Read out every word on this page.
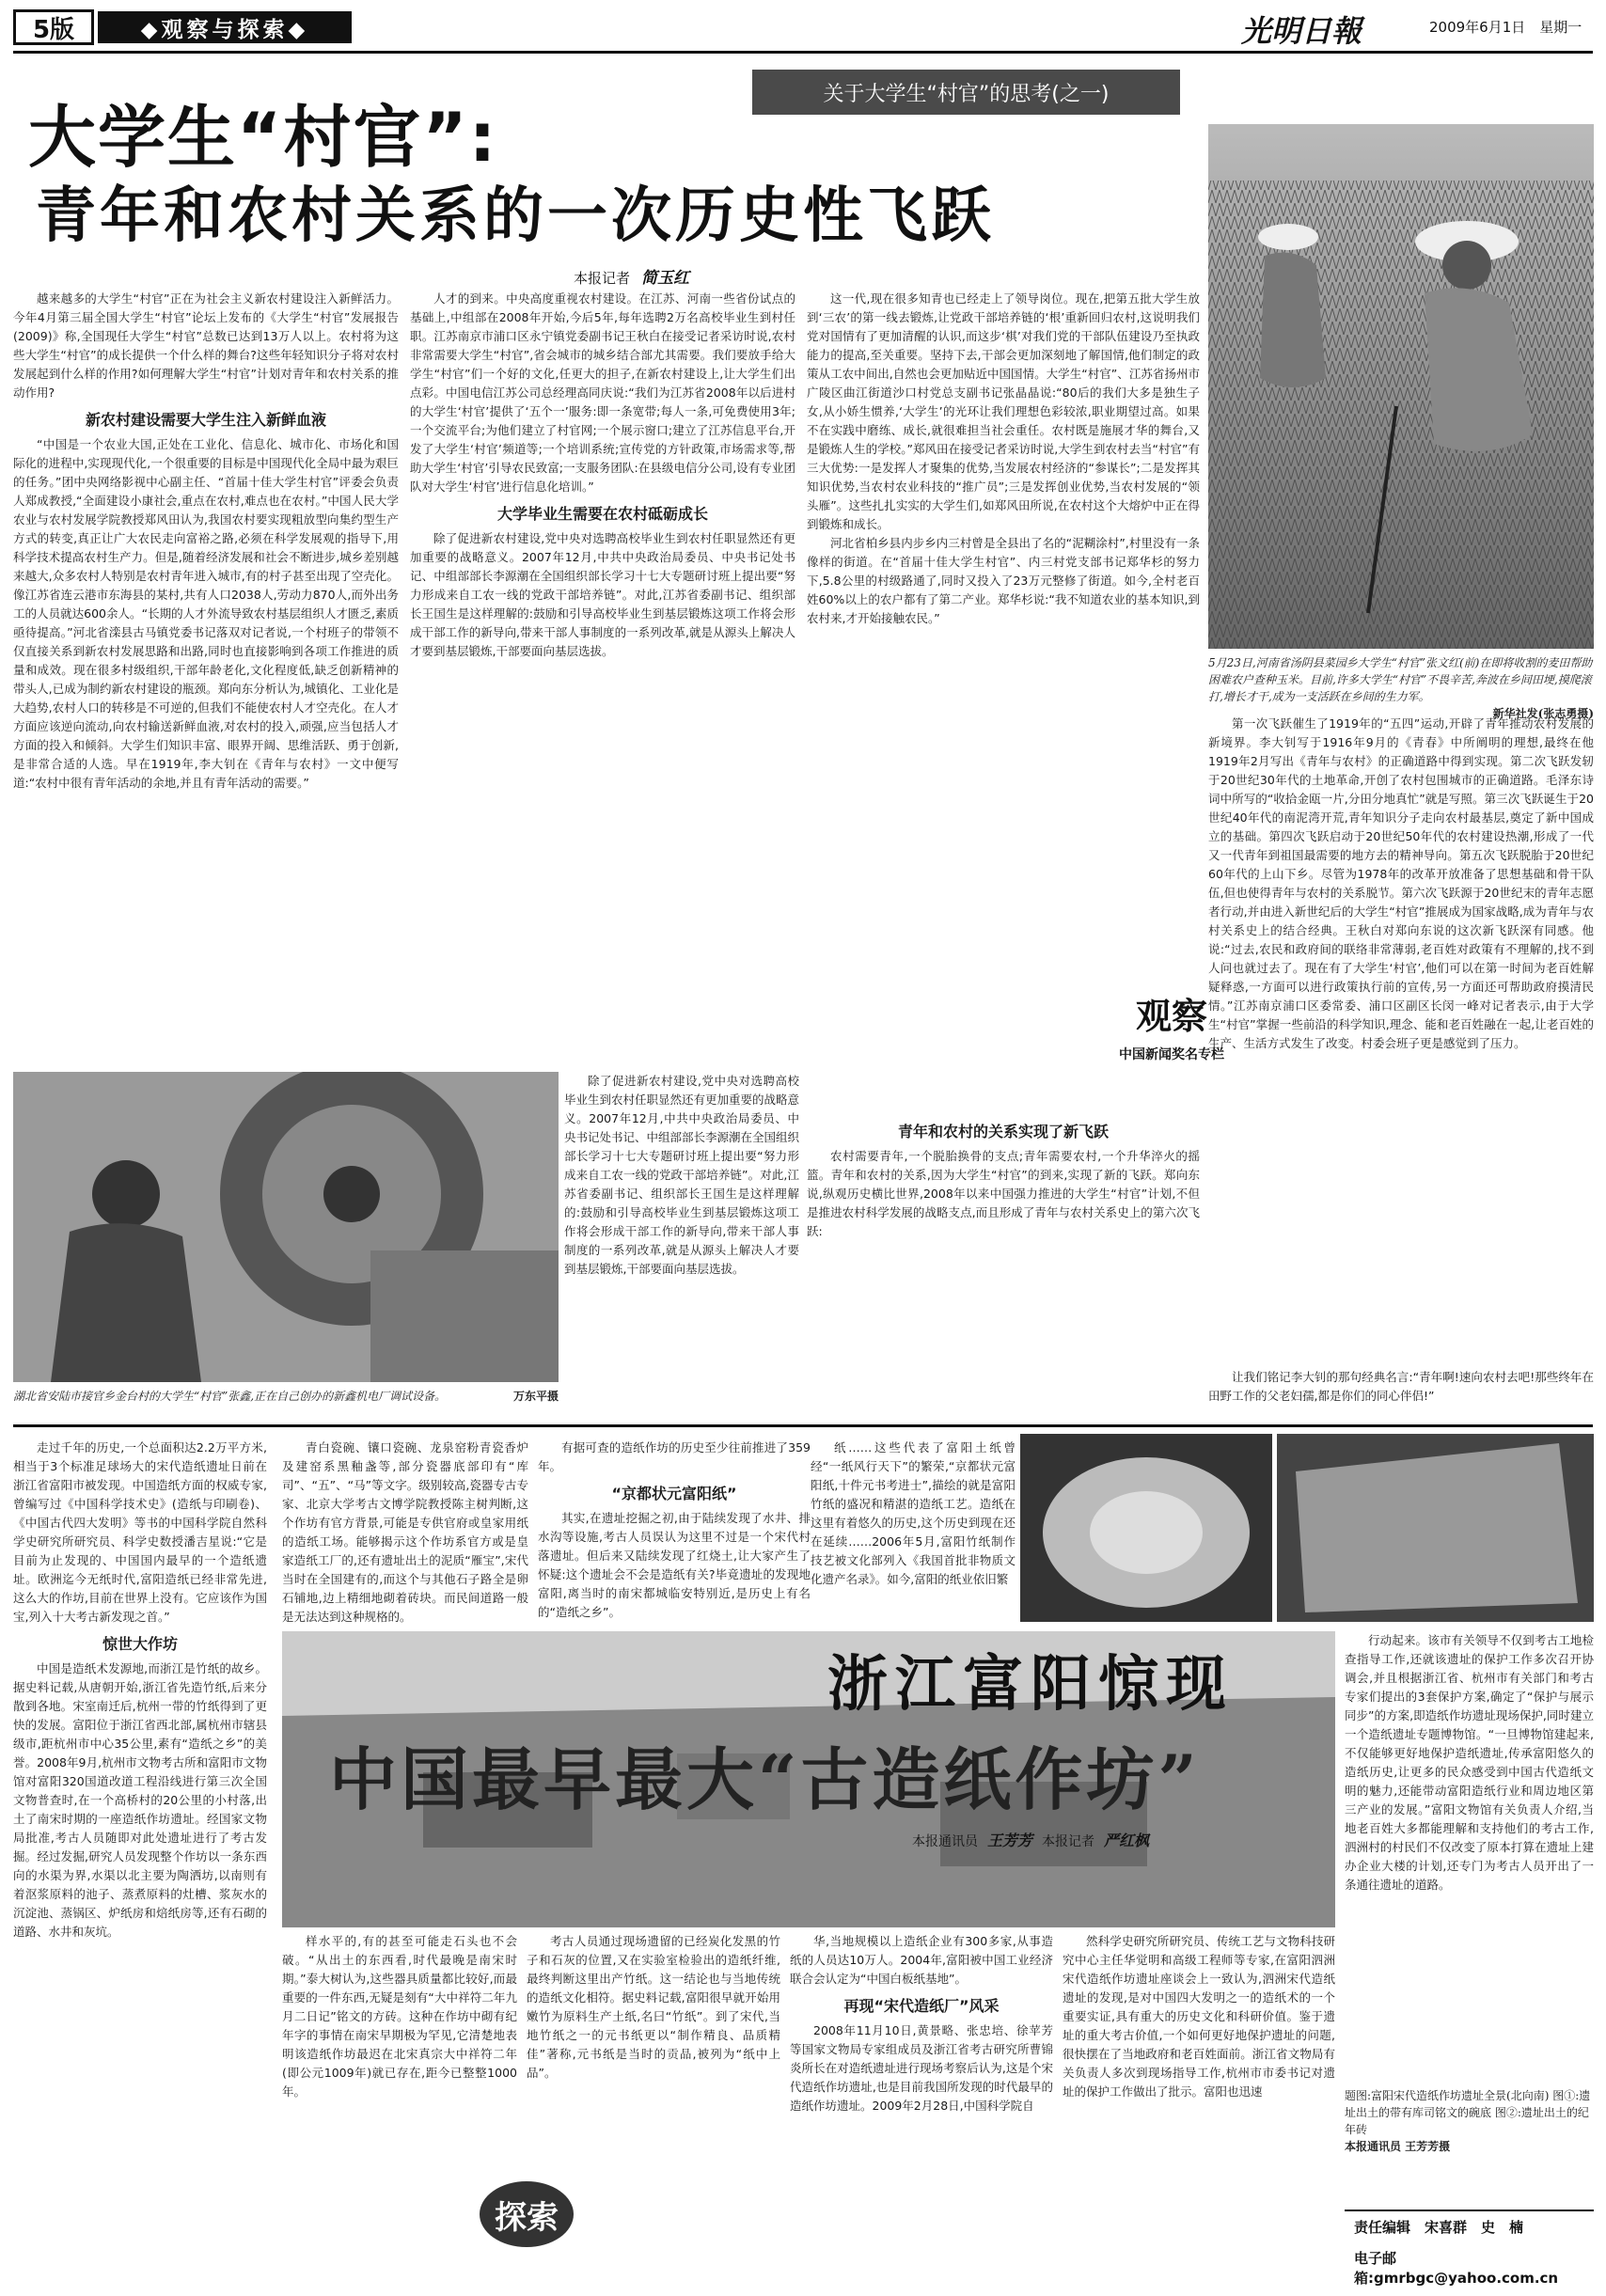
5版	◆观察与探索◆	光明日報	2009年6月1日　星期一
关于大学生“村官”的思考(之一)
大学生“村官”:
青年和农村关系的一次历史性飞跃
本报记者 简玉红
5月23日,河南省汤阴县菜园乡大学生“村官”张文红(前)在即将收割的麦田帮助困难农户查种玉米。目前,许多大学生“村官”不畏辛苦,奔波在乡间田埂,摸爬滚打,增长才干,成为一支活跃在乡间的生力军。

新华社发(张志勇摄)

越来越多的大学生“村官”正在为社会主义新农村建设注入新鲜活力。今年4月第三届全国大学生“村官”论坛上发布的《大学生“村官”发展报告(2009)》称,全国现任大学生“村官”总数已达到13万人以上。农村将为这些大学生“村官”的成长提供一个什么样的舞台?这些年轻知识分子将对农村发展起到什么样的作用?如何理解大学生“村官”计划对青年和农村关系的推动作用?

新农村建设需要大学生注入新鲜血液

“中国是一个农业大国,正处在工业化、信息化、城市化、市场化和国际化的进程中,实现现代化,一个很重要的目标是中国现代化全局中最为艰巨的任务。”团中央网络影视中心副主任、“首届十佳大学生村官”评委会负责人郑成教授,“全面建设小康社会,重点在农村,难点也在农村。”中国人民大学农业与农村发展学院教授郑风田认为,我国农村要实现粗放型向集约型生产方式的转变,真正让广大农民走向富裕之路,必须在科学发展观的指导下,用科学技术提高农村生产力。但是,随着经济发展和社会不断进步,城乡差别越来越大,众多农村人特别是农村青年进入城市,有的村子甚至出现了空壳化。像江苏省连云港市东海县的某村,共有人口2038人,劳动力870人,而外出务工的人员就达600余人。“长期的人才外流导致农村基层组织人才匮乏,素质亟待提高。”河北省滦县古马镇党委书记落双对记者说,一个村班子的带领不仅直接关系到新农村发展思路和出路,同时也直接影响到各项工作推进的质量和成效。现在很多村级组织,干部年龄老化,文化程度低,缺乏创新精神的带头人,已成为制约新农村建设的瓶颈。郑向东分析认为,城镇化、工业化是大趋势,农村人口的转移是不可逆的,但我们不能使农村人才空壳化。在人才方面应该逆向流动,向农村输送新鲜血液,对农村的投入,顽强,应当包括人才方面的投入和倾斜。大学生们知识丰富、眼界开阔、思维活跃、勇于创新,是非常合适的人选。早在1919年,李大钊在《青年与农村》一文中便写道:“农村中很有青年活动的余地,并且有青年活动的需要。”

人才的到来。中央高度重视农村建设。在江苏、河南一些省份试点的基础上,中组部在2008年开始,今后5年,每年选聘2万名高校毕业生到村任职。江苏南京市浦口区永宁镇党委副书记王秋白在接受记者采访时说,农村非常需要大学生“村官”,省会城市的城乡结合部尤其需要。我们要放手给大学生“村官”们一个好的文化,任更大的担子,在新农村建设上,让大学生们出点彩。中国电信江苏公司总经理高同庆说:“我们为江苏省2008年以后进村的大学生‘村官’提供了‘五个一’服务:即一条宽带;每人一条,可免费使用3年;一个交流平台;为他们建立了村官网;一个展示窗口;建立了江苏信息平台,开发了大学生‘村官’频道等;一个培训系统;宣传党的方针政策,市场需求等,帮助大学生‘村官’引导农民致富;一支服务团队:在县级电信分公司,设有专业团队对大学生‘村官’进行信息化培训。”

大学毕业生需要在农村砥砺成长

除了促进新农村建设,党中央对选聘高校毕业生到农村任职显然还有更加重要的战略意义。2007年12月,中共中央政治局委员、中央书记处书记、中组部部长李源潮在全国组织部长学习十七大专题研讨班上提出要“努力形成来自工农一线的党政干部培养链”。对此,江苏省委副书记、组织部长王国生是这样理解的:鼓励和引导高校毕业生到基层锻炼这项工作将会形成干部工作的新导向,带来干部人事制度的一系列改革,就是从源头上解决人才要到基层锻炼,干部要面向基层选拔。

这一代,现在很多知青也已经走上了领导岗位。现在,把第五批大学生放到‘三农’的第一线去锻炼,让党政干部培养链的‘根’重新回归农村,这说明我们党对国情有了更加清醒的认识,而这步‘棋’对我们党的干部队伍建设乃至执政能力的提高,至关重要。坚持下去,干部会更加深刻地了解国情,他们制定的政策从工农中间出,自然也会更加贴近中国国情。大学生“村官”、江苏省扬州市广陵区曲江街道沙口村党总支副书记张晶晶说:“80后的我们大多是独生子女,从小娇生惯养,‘大学生’的光环让我们理想色彩较浓,职业期望过高。如果不在实践中磨练、成长,就很难担当社会重任。农村既是施展才华的舞台,又是锻炼人生的学校。”郑风田在接受记者采访时说,大学生到农村去当“村官”有三大优势:一是发挥人才聚集的优势,当发展农村经济的“参谋长”;二是发挥其知识优势,当农村农业科技的“推广员”;三是发挥创业优势,当农村发展的“领头雁”。这些扎扎实实的大学生们,如郑风田所说,在农村这个大熔炉中正在得到锻炼和成长。

河北省柏乡县内步乡内三村曾是全县出了名的“泥糊涂村”,村里没有一条像样的街道。在“首届十佳大学生村官”、内三村党支部书记郑华杉的努力下,5.8公里的村级路通了,同时又投入了23万元整修了街道。如今,全村老百姓60%以上的农户都有了第二产业。郑华杉说:“我不知道农业的基本知识,到农村来,才开始接触农民。”

湖北省安陆市接官乡金台村的大学生“村官”张鑫,正在自己创办的新鑫机电厂调试设备。	万东平摄

除了促进新农村建设,党中央对选聘高校毕业生到农村任职显然还有更加重要的战略意义。2007年12月,中共中央政治局委员、中央书记处书记、中组部部长李源潮在全国组织部长学习十七大专题研讨班上提出要“努力形成来自工农一线的党政干部培养链”。对此,江苏省委副书记、组织部长王国生是这样理解的:鼓励和引导高校毕业生到基层锻炼这项工作将会形成干部工作的新导向,带来干部人事制度的一系列改革,就是从源头上解决人才要到基层锻炼,干部要面向基层选拔。

青年和农村的关系实现了新飞跃

农村需要青年,一个脱胎换骨的支点;青年需要农村,一个升华淬火的摇篮。青年和农村的关系,因为大学生“村官”的到来,实现了新的飞跃。郑向东说,纵观历史横比世界,2008年以来中国强力推进的大学生“村官”计划,不但是推进农村科学发展的战略支点,而且形成了青年与农村关系史上的第六次飞跃:

观察
中国新闻奖名专栏

第一次飞跃催生了1919年的“五四”运动,开辟了青年推动农村发展的新境界。李大钊写于1916年9月的《青春》中所阐明的理想,最终在他1919年2月写出《青年与农村》的正确道路中得到实现。第二次飞跃发轫于20世纪30年代的土地革命,开创了农村包围城市的正确道路。毛泽东诗词中所写的“收拾金瓯一片,分田分地真忙”就是写照。第三次飞跃诞生于20世纪40年代的南泥湾开荒,青年知识分子走向农村最基层,奠定了新中国成立的基础。第四次飞跃启动于20世纪50年代的农村建设热潮,形成了一代又一代青年到祖国最需要的地方去的精神导向。第五次飞跃脱胎于20世纪60年代的上山下乡。尽管为1978年的改革开放准备了思想基础和骨干队伍,但也使得青年与农村的关系脱节。第六次飞跃源于20世纪末的青年志愿者行动,并由进入新世纪后的大学生“村官”推展成为国家战略,成为青年与农村关系史上的结合经典。王秋白对郑向东说的这次新飞跃深有同感。他说:“过去,农民和政府间的联络非常薄弱,老百姓对政策有不理解的,找不到人问也就过去了。现在有了大学生‘村官’,他们可以在第一时间为老百姓解疑释惑,一方面可以进行政策执行前的宣传,另一方面还可帮助政府摸清民情。”江苏南京浦口区委常委、浦口区副区长闵一峰对记者表示,由于大学生“村官”掌握一些前沿的科学知识,理念、能和老百姓融在一起,让老百姓的生产、生活方式发生了改变。村委会班子更是感觉到了压力。

让我们铭记李大钊的那句经典名言:“青年啊!速向农村去吧!那些终年在田野工作的父老妇孺,都是你们的同心伴侣!”

走过千年的历史,一个总面积达2.2万平方米,相当于3个标准足球场大的宋代造纸遗址日前在浙江省富阳市被发现。中国造纸方面的权威专家,曾编写过《中国科学技术史》(造纸与印刷卷)、《中国古代四大发明》等书的中国科学院自然科学史研究所研究员、科学史数授潘吉星说:“它是目前为止发现的、中国国内最早的一个造纸遗址。欧洲迄今无纸时代,富阳造纸已经非常先进,这么大的作坊,目前在世界上没有。它应该作为国宝,列入十大考古新发现之首。”

惊世大作坊

中国是造纸术发源地,而浙江是竹纸的故乡。据史料记载,从唐朝开始,浙江省先造竹纸,后来分散到各地。宋室南迁后,杭州一带的竹纸得到了更快的发展。富阳位于浙江省西北部,属杭州市辖县级市,距杭州市中心35公里,素有“造纸之乡”的美誉。2008年9月,杭州市文物考古所和富阳市文物馆对富阳320国道改道工程沿线进行第三次全国文物普查时,在一个高桥村的20公里的小村落,出土了南宋时期的一座造纸作坊遗址。经国家文物局批准,考古人员随即对此处遗址进行了考古发掘。经过发掘,研究人员发现整个作坊以一条东西向的水渠为界,水渠以北主要为陶洒坊,以南则有着沤浆原料的池子、蒸煮原料的灶槽、浆灰水的沉淀池、蒸锅区、炉纸房和焙纸房等,还有石砌的道路、水井和灰坑。

青白瓷碗、镶口瓷碗、龙泉窑粉青瓷香炉及建窑系黑釉盏等,部分瓷器底部印有“库司”、“五”、“马”等文字。级别较高,瓷器专古专家、北京大学考古文博学院教授陈主树判断,这个作坊有官方背景,可能是专供官府或皇家用纸的造纸工场。能够揭示这个作坊系官方或是皇家造纸工厂的,还有遗址出土的泥质“雁宝”,宋代当时在全国建有的,而这个与其他石子路全是卵石铺地,边上精细地砌着砖块。而民间道路一般是无法达到这种规格的。

有据可查的造纸作坊的历史至少往前推进了359年。

“京都状元富阳纸”

其实,在遗址挖掘之初,由于陆续发现了水井、排水沟等设施,考古人员误认为这里不过是一个宋代村落遗址。但后来又陆续发现了红烧土,让大家产生了怀疑:这个遗址会不会是造纸有关?毕竟遗址的发现地富阳,离当时的南宋都城临安特别近,是历史上有名的“造纸之乡”。

纸……这些代表了富阳土纸曾经“一纸风行天下”的繁荣,“京都状元富阳纸,十件元书考进士”,描绘的就是富阳竹纸的盛况和精湛的造纸工艺。造纸在这里有着悠久的历史,这个历史到现在还在延续……2006年5月,富阳竹纸制作技艺被文化部列入《我国首批非物质文化遗产名录》。如今,富阳的纸业依旧繁

浙江富阳惊现
中国最早最大“古造纸作坊”
本报通讯员 王芳芳 本报记者 严红枫

行动起来。该市有关领导不仅到考古工地检查指导工作,还就该遗址的保护工作多次召开协调会,并且根据浙江省、杭州市有关部门和考古专家们提出的3套保护方案,确定了“保护与展示同步”的方案,即造纸作坊遗址现场保护,同时建立一个造纸遗址专题博物馆。“一旦博物馆建起来,不仅能够更好地保护造纸遗址,传承富阳悠久的造纸历史,让更多的民众感受到中国古代造纸文明的魅力,还能带动富阳造纸行业和周边地区第三产业的发展。”富阳文物馆有关负责人介绍,当地老百姓大多都能理解和支持他们的考古工作,泗洲村的村民们不仅改变了原本打算在遗址上建办企业大楼的计划,还专门为考古人员开出了一条通往遗址的道路。

题图:富阳宋代造纸作坊遗址全景(北向南) 图①:遗址出土的带有库司铭文的碗底 图②:遗址出土的纪年砖
本报通讯员 王芳芳摄

样水平的,有的甚至可能走石头也不会破。“从出土的东西看,时代最晚是南宋时期。”泰大树认为,这些器具质量都比较好,而最重要的一件东西,无疑是刻有“大中祥符二年九月二日记”铭文的方砖。这种在作坊中砌有纪年字的事情在南宋早期极为罕见,它清楚地表明该造纸作坊最迟在北宋真宗大中祥符二年(即公元1009年)就已存在,距今已整整1000年。

考古人员通过现场遗留的已经炭化发黑的竹子和石灰的位置,又在实验室检验出的造纸纤维,最终判断这里出产竹纸。这一结论也与当地传统的造纸文化相符。据史料记载,富阳很早就开始用嫩竹为原料生产土纸,名曰“竹纸”。到了宋代,当地竹纸之一的元书纸更以“制作精良、品质精佳”著称,元书纸是当时的贡品,被列为“纸中上品”。

华,当地规模以上造纸企业有300多家,从事造纸的人员达10万人。2004年,富阳被中国工业经济联合会认定为“中国白板纸基地”。

再现“宋代造纸厂”风采

2008年11月10日,黄景略、张忠培、徐苹芳等国家文物局专家组成员及浙江省考古研究所曹锦炎所长在对造纸遗址进行现场考察后认为,这是个宋代造纸作坊遗址,也是目前我国所发现的时代最早的造纸作坊遗址。2009年2月28日,中国科学院自

然科学史研究所研究员、传统工艺与文物科技研究中心主任华觉明和高级工程师等专家,在富阳泗洲宋代造纸作坊遗址座谈会上一致认为,泗洲宋代造纸遗址的发现,是对中国四大发明之一的造纸术的一个重要实证,具有重大的历史文化和科研价值。鉴于遗址的重大考古价值,一个如何更好地保护遗址的问题,很快摆在了当地政府和老百姓面前。浙江省文物局有关负责人多次到现场指导工作,杭州市市委书记对遗址的保护工作做出了批示。富阳也迅速

探索	责任编辑　宋喜群　史　楠
电子邮箱:gmrbgc@yahoo.com.cn
